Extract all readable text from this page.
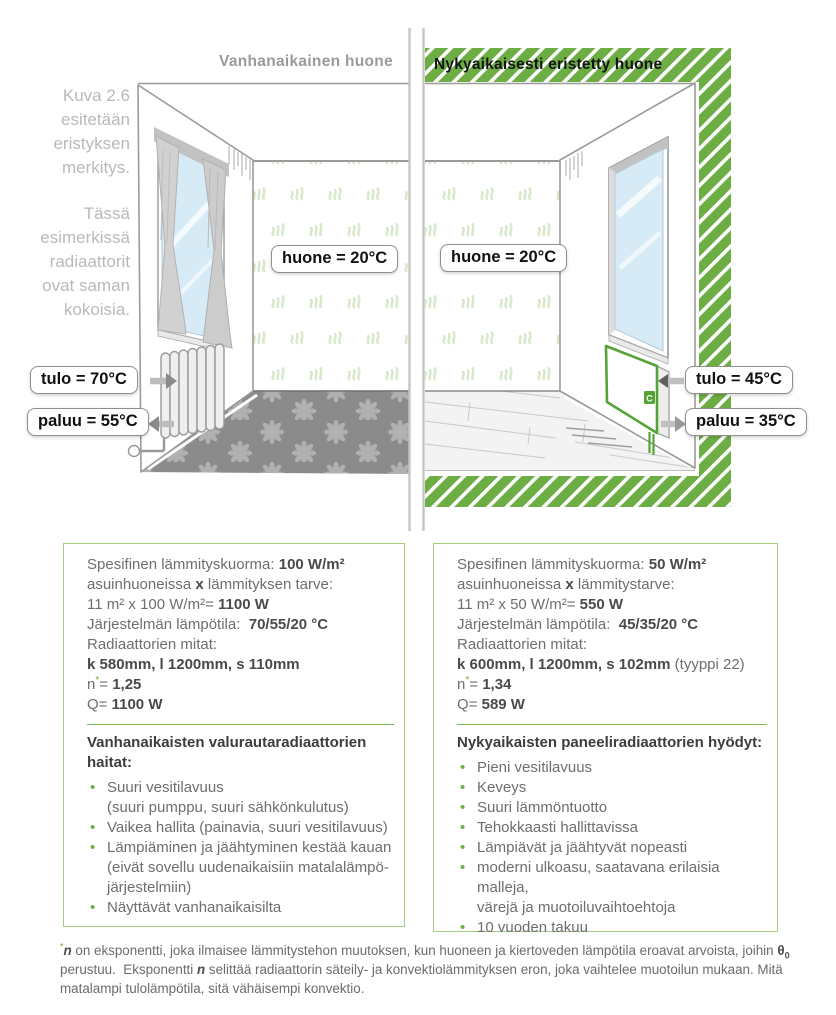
C
Kuva 2.6
esitetään
eristyksen
merkitys.
Tässä
esimerkissä
radiaattorit
ovat saman
kokoisia.
Vanhanaikainen huone	Nykyaikaisesti eristetty huone
huone = 20°C	huone = 20°C
tulo = 70°C
paluu = 55°C
tulo = 45°C
paluu = 35°C
Spesifinen lämmityskuorma: 100 W/m²
asuinhuoneissa x lämmityksen tarve:
11 m² x 100 W/m²= 1100 W
Järjestelmän lämpötila:  70/55/20 °C
Radiaattorien mitat:
k 580mm, l 1200mm, s 110mm
n*= 1,25
Q= 1100 W
Vanhanaikaisten valurautaradiaattorien haitat:
• Suuri vesitilavuus
(suuri pumppu, suuri sähkönkulutus)
• Vaikea hallita (painavia, suuri vesitilavuus)
• Lämpiäminen ja jäähtyminen kestää kauan
(eivät sovellu uudenaikaisiin matalalämpö-
järjestelmiin)
• Näyttävät vanhanaikaisilta
Spesifinen lämmityskuorma: 50 W/m²
asuinhuoneissa x lämmitystarve:
11 m² x 50 W/m²= 550 W
Järjestelmän lämpötila:  45/35/20 °C
Radiaattorien mitat:
k 600mm, l 1200mm, s 102mm (tyyppi 22)
n*= 1,34
Q= 589 W
Nykyaikaisten paneeliradiaattorien hyödyt:
• Pieni vesitilavuus
• Keveys
• Suuri lämmöntuotto
• Tehokkaasti hallittavissa
• Lämpiävät ja jäähtyvät nopeasti
• moderni ulkoasu, saatavana erilaisia malleja,
värejä ja muotoiluvaihtoehtoja
• 10 vuoden takuu
*n on eksponentti, joka ilmaisee lämmitystehon muutoksen, kun huoneen ja kiertoveden lämpötila eroavat arvoista, joihin $\theta_0$ perustuu.  Eksponentti n selittää radiaattorin säteily- ja konvektiolämmityksen eron, joka vaihtelee muotoilun mukaan. Mitä matalampi tulolämpötila, sitä vähäisempi konvektio.
